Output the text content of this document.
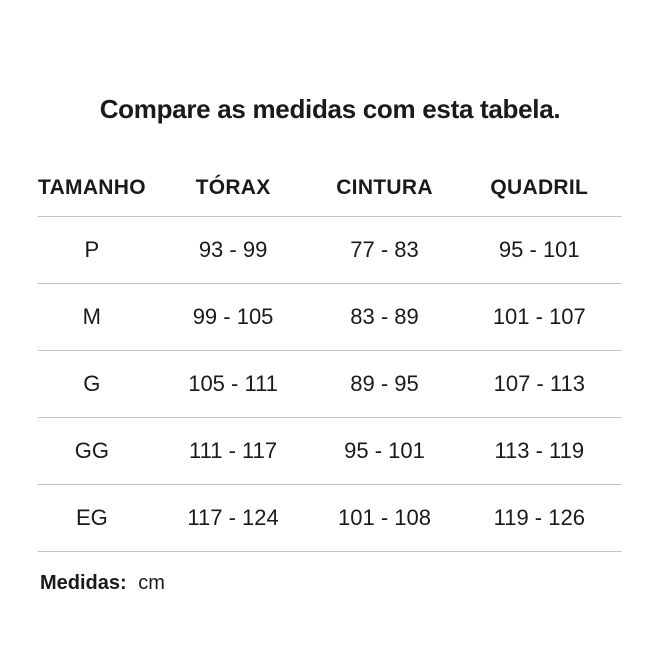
Compare as medidas com esta tabela.
TAMANHO	TÓRAX	CINTURA	QUADRIL
P	93 - 99	77 - 83	95 - 101
M	99 - 105	83 - 89	101 - 107
G	105 - 111	89 - 95	107 - 113
GG	111 - 117	95 - 101	113 - 119
EG	117 - 124	101 - 108	119 - 126
Medidas: cm
